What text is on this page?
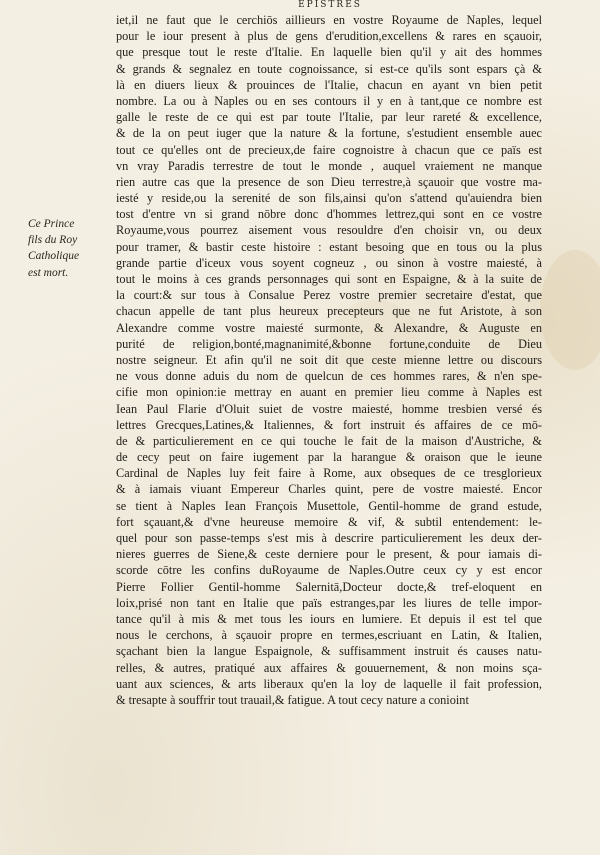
EPISTRES
Ce Prince
fils du Roy
Catholique
est mort.
iet,il ne faut que le cerchiōs aillieurs en vostre Royaume de Naples, lequel
pour le iour present à plus de gens d'erudition,excellens & rares en sçauoir,
que presque tout le reste d'Italie. En laquelle bien qu'il y ait des hommes
& grands & segnalez en toute cognoissance, si est-ce qu'ils sont espars çà &
là en diuers lieux & prouinces de l'Italie, chacun en ayant vn bien petit
nombre. La ou à Naples ou en ses contours il y en à tant,que ce nombre est
galle le reste de ce qui est par toute l'Italie, par leur rareté & excellence,
& de la on peut iuger que la nature & la fortune, s'estudient ensemble auec
tout ce qu'elles ont de precieux,de faire cognoistre à chacun que ce païs est
vn vray Paradis terrestre de tout le monde , auquel vraiement ne manque
rien autre cas que la presence de son Dieu terrestre,à sçauoir que vostre ma-
iesté y reside,ou la serenité de son fils,ainsi qu'on s'attend qu'auiendra bien
tost d'entre vn si grand nōbre donc d'hommes lettrez,qui sont en ce vostre
Royaume,vous pourrez aisement vous resouldre d'en choisir vn, ou deux
pour tramer, & bastir ceste histoire : estant besoing que en tous ou la plus
grande partie d'iceux vous soyent cogneuz , ou sinon à vostre maiesté, à
tout le moins à ces grands personnages qui sont en Espaigne, & à la suite de
la court:& sur tous à Consalue Perez vostre premier secretaire d'estat, que
chacun appelle de tant plus heureux precepteurs que ne fut Aristote, à son
Alexandre comme vostre maiesté surmonte, & Alexandre, & Auguste en
purité de religion,bonté,magnanimité,&bonne fortune,conduite de Dieu
nostre seigneur. Et afin qu'il ne soit dit que ceste mienne lettre ou discours
ne vous donne aduis du nom de quelcun de ces hommes rares, & n'en spe-
cifie mon opinion:ie mettray en auant en premier lieu comme à Naples est
Iean Paul Flarie d'Oluit suiet de vostre maiesté, homme tresbien versé és
lettres Grecques,Latines,& Italiennes, & fort instruit és affaires de ce mō-
de & particulierement en ce qui touche le fait de la maison d'Austriche, &
de cecy peut on faire iugement par la harangue & oraison que le ieune
Cardinal de Naples luy feit faire à Rome, aux obseques de ce tresglorieux
& à iamais viuant Empereur Charles quint, pere de vostre maiesté. Encor
se tient à Naples Iean François Musettole, Gentil-homme de grand estude,
fort sçauant,& d'vne heureuse memoire & vif, & subtil entendement: le-
quel pour son passe-temps s'est mis à descrire particulierement les deux der-
nieres guerres de Siene,& ceste derniere pour le present, & pour iamais di-
scorde cōtre les confins duRoyaume de Naples.Outre ceux cy y est encor
Pierre Follier Gentil-homme Salernitā,Docteur docte,& tref-eloquent en
loix,prisé non tant en Italie que païs estranges,par les liures de telle impor-
tance qu'il à mis & met tous les iours en lumiere. Et depuis il est tel que
nous le cerchons, à sçauoir propre en termes,escriuant en Latin, & Italien,
sçachant bien la langue Espaignole, & suffisamment instruit és causes natu-
relles, & autres, pratiqué aux affaires & gouuernement, & non moins sça-
uant aux sciences, & arts liberaux qu'en la loy de laquelle il fait profession,
& tresapte à souffrir tout trauail,& fatigue. A tout cecy nature a conioint
